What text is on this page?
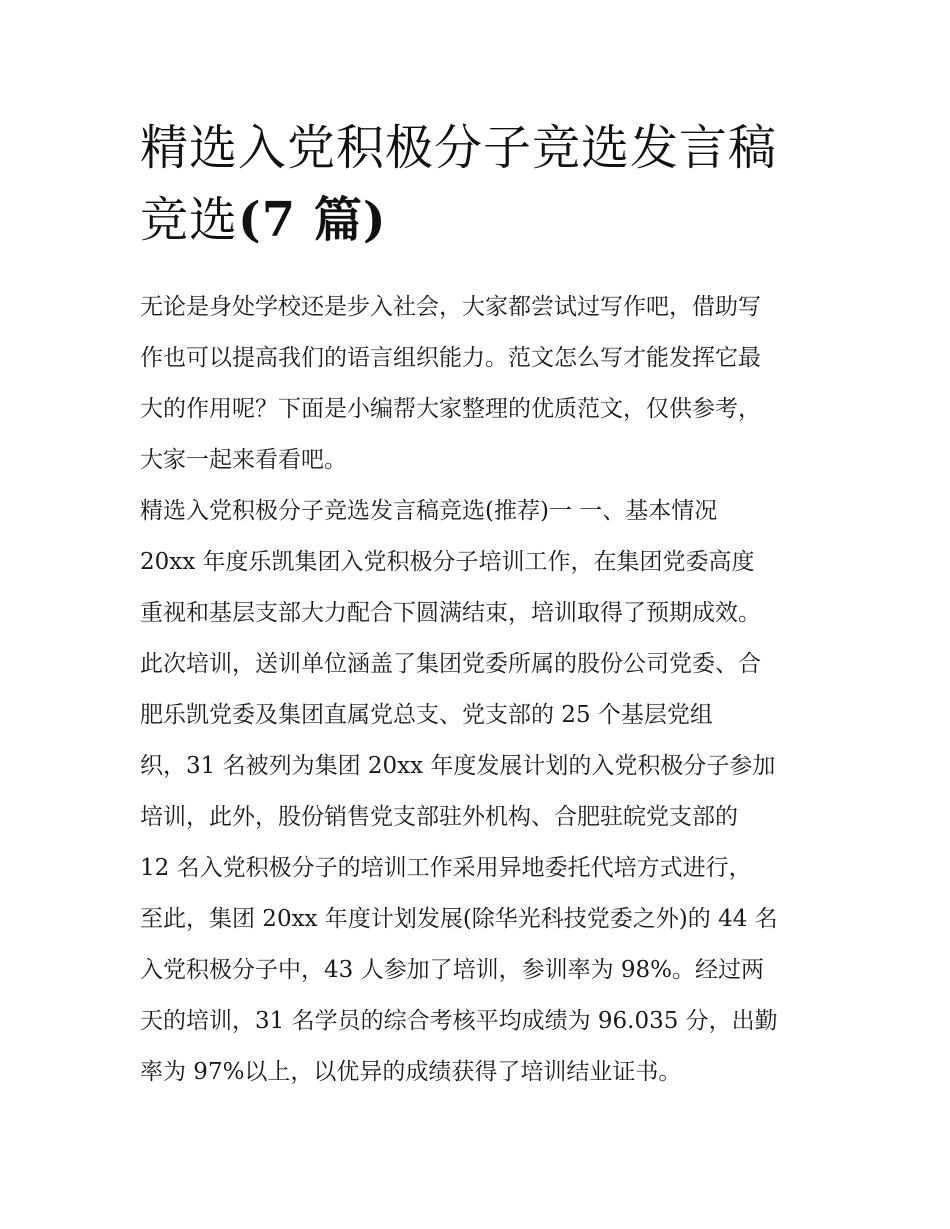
精选入党积极分子竞选发言稿
竞选(7 篇)
无论是身处学校还是步入社会，大家都尝试过写作吧，借助写
作也可以提高我们的语言组织能力。范文怎么写才能发挥它最
大的作用呢？下面是小编帮大家整理的优质范文，仅供参考，
大家一起来看看吧。
精选入党积极分子竞选发言稿竞选(推荐)一 一、基本情况
20xx 年度乐凯集团入党积极分子培训工作，在集团党委高度
重视和基层支部大力配合下圆满结束，培训取得了预期成效。
此次培训，送训单位涵盖了集团党委所属的股份公司党委、合
肥乐凯党委及集团直属党总支、党支部的 25 个基层党组
织，31 名被列为集团 20xx 年度发展计划的入党积极分子参加
培训，此外，股份销售党支部驻外机构、合肥驻皖党支部的
12 名入党积极分子的培训工作采用异地委托代培方式进行，
至此，集团 20xx 年度计划发展(除华光科技党委之外)的 44 名
入党积极分子中，43 人参加了培训，参训率为 98%。经过两
天的培训，31 名学员的综合考核平均成绩为 96.035 分，出勤
率为 97%以上，以优异的成绩获得了培训结业证书。
